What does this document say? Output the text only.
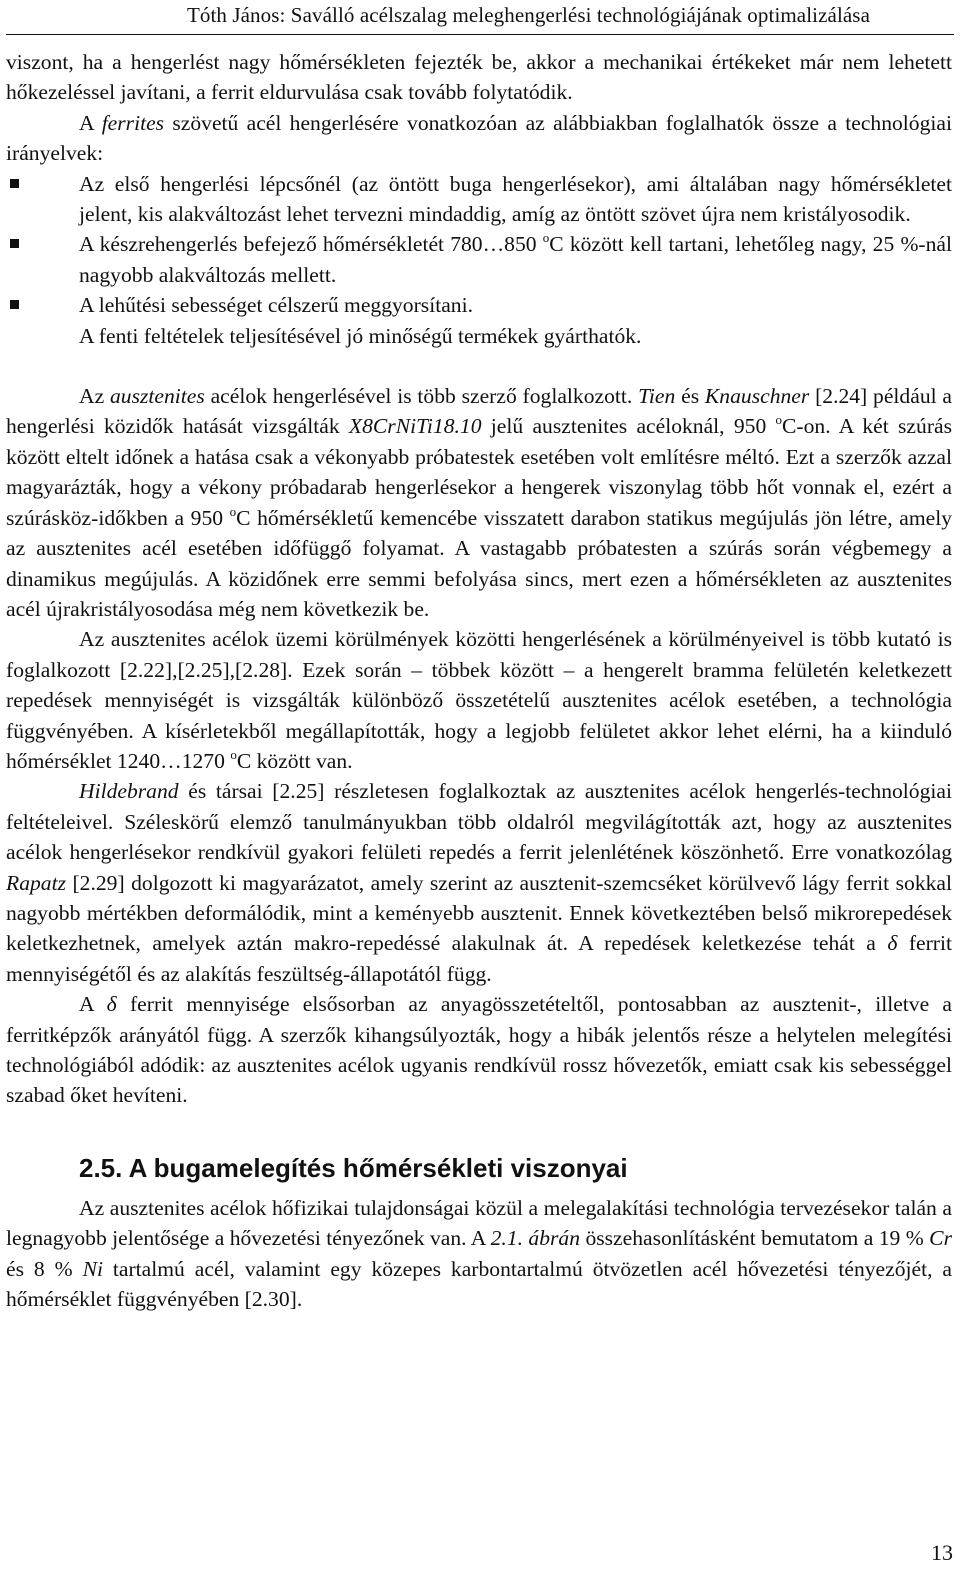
Tóth János: Saválló acélszalag meleghengerlési technológiájának optimalizálása

viszont, ha a hengerlést nagy hőmérsékleten fejezték be, akkor a mechanikai értékeket már nem lehetett hőkezeléssel javítani, a ferrit eldurvulása csak tovább folytatódik.

A ferrites szövetű acél hengerlésére vonatkozóan az alábbiakban foglalhatók össze a technológiai irányelvek:

Az első hengerlési lépcsőnél (az öntött buga hengerlésekor), ami általában nagy hőmérsékletet jelent, kis alakváltozást lehet tervezni mindaddig, amíg az öntött szövet újra nem kristályosodik.
A készrehengerlés befejező hőmérsékletét 780…850 $^o$C között kell tartani, lehetőleg nagy, 25 %-nál nagyobb alakváltozás mellett.
A lehűtési sebességet célszerű meggyorsítani.

A fenti feltételek teljesítésével jó minőségű termékek gyárthatók.

Az ausztenites acélok hengerlésével is több szerző foglalkozott. Tien és Knauschner [2.24] például a hengerlési közidők hatását vizsgálták X8CrNiTi18.10 jelű ausztenites acéloknál, 950 $^o$C-on. A két szúrás között eltelt időnek a hatása csak a vékonyabb próbatestek esetében volt említésre méltó. Ezt a szerzők azzal magyarázták, hogy a vékony próbadarab hengerlésekor a hengerek viszonylag több hőt vonnak el, ezért a szúrásköz-időkben a 950 $^o$C hőmérsékletű kemencébe visszatett darabon statikus megújulás jön létre, amely az ausztenites acél esetében időfüggő folyamat. A vastagabb próbatesten a szúrás során végbemegy a dinamikus megújulás. A közidőnek erre semmi befolyása sincs, mert ezen a hőmérsékleten az ausztenites acél újrakristályosodása még nem következik be.

Az ausztenites acélok üzemi körülmények közötti hengerlésének a körülményeivel is több kutató is foglalkozott [2.22],[2.25],[2.28]. Ezek során – többek között – a hengerelt bramma felületén keletkezett repedések mennyiségét is vizsgálták különböző összetételű ausztenites acélok esetében, a technológia függvényében. A kísérletekből megállapították, hogy a legjobb felületet akkor lehet elérni, ha a kiinduló hőmérséklet 1240…1270 $^o$C között van.

Hildebrand és társai [2.25] részletesen foglalkoztak az ausztenites acélok hengerlés-technológiai feltételeivel. Széleskörű elemző tanulmányukban több oldalról megvilágították azt, hogy az ausztenites acélok hengerlésekor rendkívül gyakori felületi repedés a ferrit jelenlétének köszönhető. Erre vonatkozólag Rapatz [2.29] dolgozott ki magyarázatot, amely szerint az ausztenit-szemcséket körülvevő lágy ferrit sokkal nagyobb mértékben deformálódik, mint a keményebb ausztenit. Ennek következtében belső mikrorepedések keletkezhetnek, amelyek aztán makro-repedéssé alakulnak át. A repedések keletkezése tehát a δ ferrit mennyiségétől és az alakítás feszültség-állapotától függ.

A δ ferrit mennyisége elsősorban az anyagösszetételtől, pontosabban az ausztenit-, illetve a ferritképzők arányától függ. A szerzők kihangsúlyozták, hogy a hibák jelentős része a helytelen melegítési technológiából adódik: az ausztenites acélok ugyanis rendkívül rossz hővezetők, emiatt csak kis sebességgel szabad őket hevíteni.

2.5. A bugamelegítés hőmérsékleti viszonyai

Az ausztenites acélok hőfizikai tulajdonságai közül a melegalakítási technológia tervezésekor talán a legnagyobb jelentősége a hővezetési tényezőnek van. A 2.1. ábrán összehasonlításként bemutatom a 19 % Cr és 8 % Ni tartalmú acél, valamint egy közepes karbontartalmú ötvözetlen acél hővezetési tényezőjét, a hőmérséklet függvényében [2.30].

13
